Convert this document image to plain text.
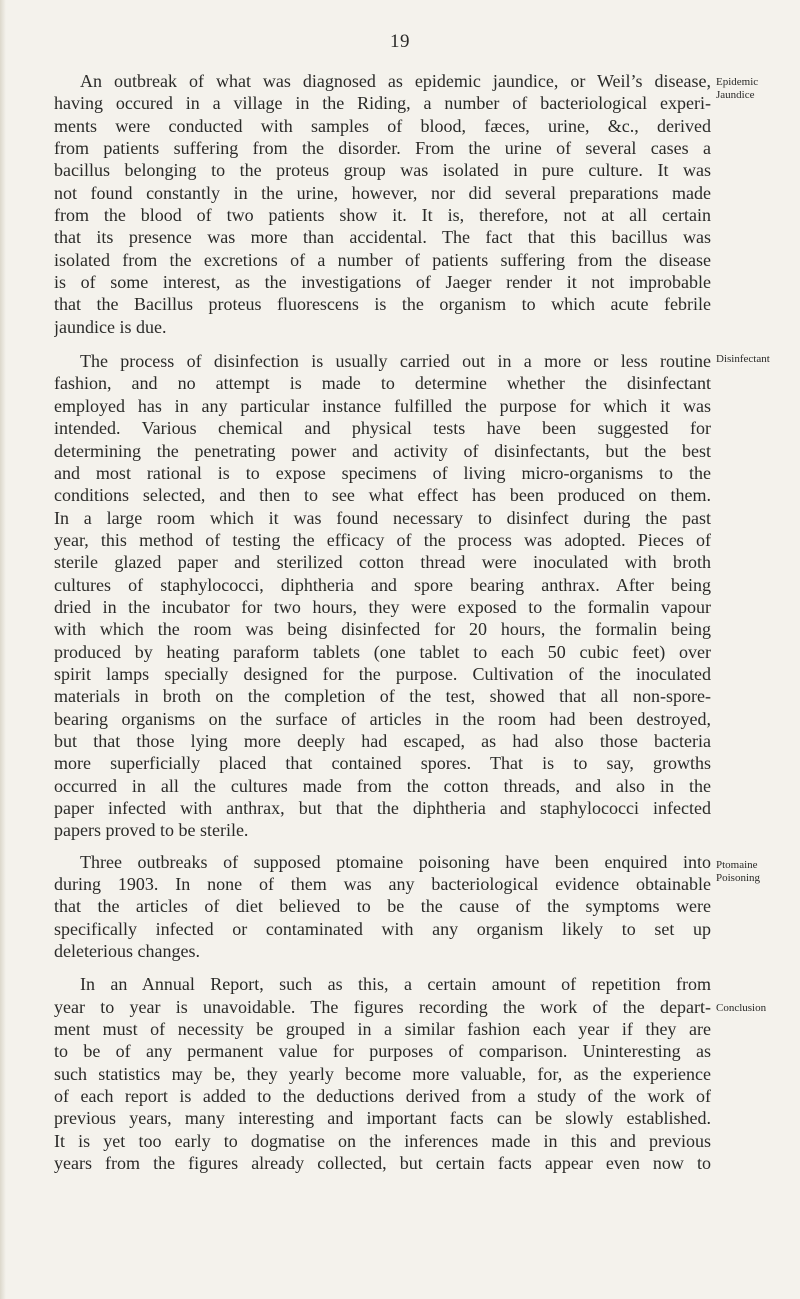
19

An outbreak of what was diagnosed as epidemic jaundice, or Weil’s disease,
having occured in a village in the Riding, a number of bacteriological experi-
ments were conducted with samples of blood, fæces, urine, &c., derived
from patients suffering from the disorder. From the urine of several cases a
bacillus belonging to the proteus group was isolated in pure culture. It was
not found constantly in the urine, however, nor did several preparations made
from the blood of two patients show it. It is, therefore, not at all certain
that its presence was more than accidental. The fact that this bacillus was
isolated from the excretions of a number of patients suffering from the disease
is of some interest, as the investigations of Jaeger render it not improbable
that the Bacillus proteus fluorescens is the organism to which acute febrile
jaundice is due.

The process of disinfection is usually carried out in a more or less routine
fashion, and no attempt is made to determine whether the disinfectant
employed has in any particular instance fulfilled the purpose for which it was
intended. Various chemical and physical tests have been suggested for
determining the penetrating power and activity of disinfectants, but the best
and most rational is to expose specimens of living micro-organisms to the
conditions selected, and then to see what effect has been produced on them.
In a large room which it was found necessary to disinfect during the past
year, this method of testing the efficacy of the process was adopted. Pieces of
sterile glazed paper and sterilized cotton thread were inoculated with broth
cultures of staphylococci, diphtheria and spore bearing anthrax. After being
dried in the incubator for two hours, they were exposed to the formalin vapour
with which the room was being disinfected for 20 hours, the formalin being
produced by heating paraform tablets (one tablet to each 50 cubic feet) over
spirit lamps specially designed for the purpose. Cultivation of the inoculated
materials in broth on the completion of the test, showed that all non-spore-
bearing organisms on the surface of articles in the room had been destroyed,
but that those lying more deeply had escaped, as had also those bacteria
more superficially placed that contained spores. That is to say, growths
occurred in all the cultures made from the cotton threads, and also in the
paper infected with anthrax, but that the diphtheria and staphylococci infected
papers proved to be sterile.

Three outbreaks of supposed ptomaine poisoning have been enquired into
during 1903. In none of them was any bacteriological evidence obtainable
that the articles of diet believed to be the cause of the symptoms were
specifically infected or contaminated with any organism likely to set up
deleterious changes.

In an Annual Report, such as this, a certain amount of repetition from
year to year is unavoidable. The figures recording the work of the depart-
ment must of necessity be grouped in a similar fashion each year if they are
to be of any permanent value for purposes of comparison. Uninteresting as
such statistics may be, they yearly become more valuable, for, as the experience
of each report is added to the deductions derived from a study of the work of
previous years, many interesting and important facts can be slowly established.
It is yet too early to dogmatise on the inferences made in this and previous
years from the figures already collected, but certain facts appear even now to

Epidemic
Jaundice
Disinfectant
Ptomaine
Poisoning
Conclusion
